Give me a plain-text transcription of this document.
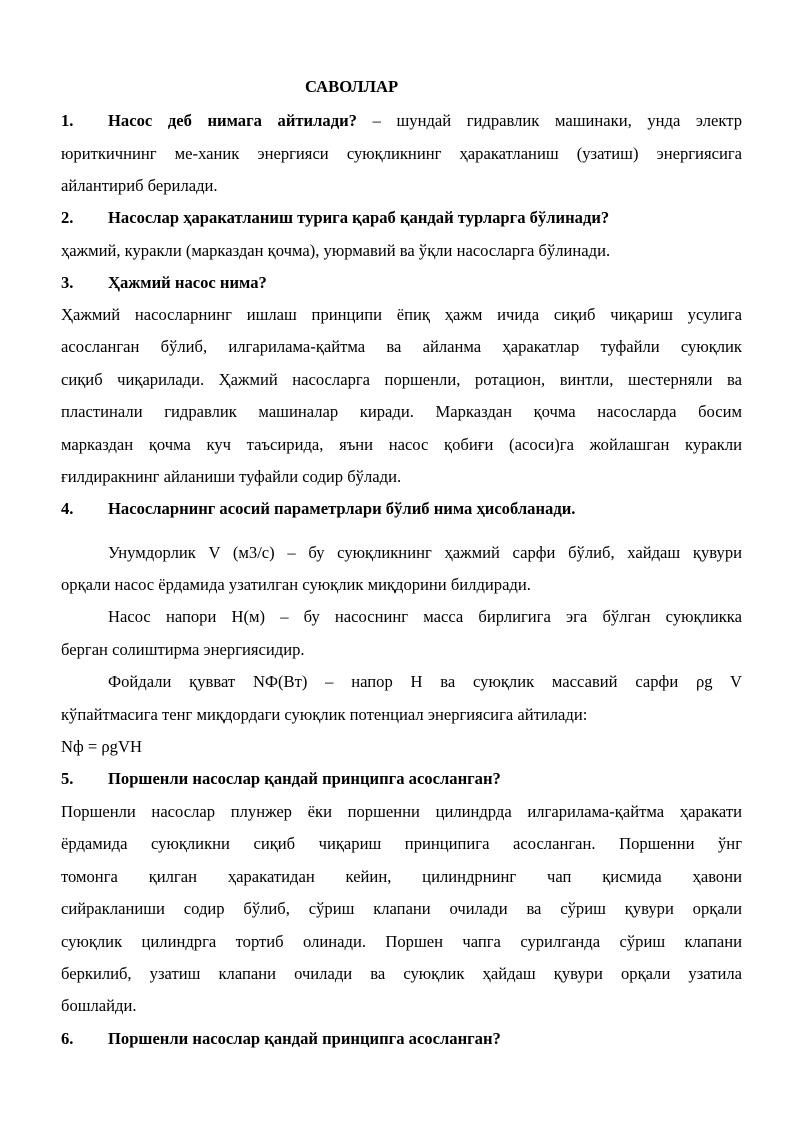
САВОЛЛАР
1. Насос деб нимага айтилади? – шундай гидравлик машинаки, унда электр
юриткичнинг ме-ханик энергияси суюқликнинг ҳаракатланиш (узатиш) энергиясига
айлантириб берилади.
2. Насослар ҳаракатланиш турига қараб қандай турларга бўлинади?
ҳажмий, куракли (марказдан қочма), уюрмавий ва ўқли насосларга бўлинади.
3. Ҳажмий насос нима?
Ҳажмий насосларнинг ишлаш принципи ёпиқ ҳажм ичида сиқиб чиқариш усулига
асосланган бўлиб, илгарилама-қайтма ва айланма ҳаракатлар туфайли суюқлик
сиқиб чиқарилади. Ҳажмий насосларга поршенли, ротацион, винтли, шестерняли ва
пластинали гидравлик машиналар киради. Марказдан қочма насосларда босим
марказдан қочма куч таъсирида, яъни насос қобиғи (асоси)га жойлашган куракли
ғилдиракнинг айланиши туфайли содир бўлади.
4. Насосларнинг асосий параметрлари бўлиб нима ҳисобланади.
Унумдорлик V (м3/с) – бу суюқликнинг ҳажмий сарфи бўлиб, хайдаш қувури
орқали насос ёрдамида узатилган суюқлик миқдорини билдиради.
Насос напори Н(м) – бу насоснинг масса бирлигига эга бўлган суюқликка
берган солиштирма энергиясидир.
Фойдали қувват NФ(Вт) – напор H ва суюқлик массавий сарфи ρg V
кўпайтмасига тенг миқдордаги суюқлик потенциал энергиясига айтилади:
Nф = ρgVH
5. Поршенли насослар қандай принципга асосланган?
Поршенли насослар плунжер ёки поршенни цилиндрда илгарилама-қайтма ҳаракати
ёрдамида суюқликни сиқиб чиқариш принципига асосланган. Поршенни ўнг
томонга қилган ҳаракатидан кейин, цилиндрнинг чап қисмида ҳавони
сийракланиши содир бўлиб, сўриш клапани очилади ва сўриш қувури орқали
суюқлик цилиндрга тортиб олинади. Поршен чапга сурилганда сўриш клапани
беркилиб, узатиш клапани очилади ва суюқлик ҳайдаш қувури орқали узатила
бошлайди.
6. Поршенли насослар қандай принципга асосланган?
